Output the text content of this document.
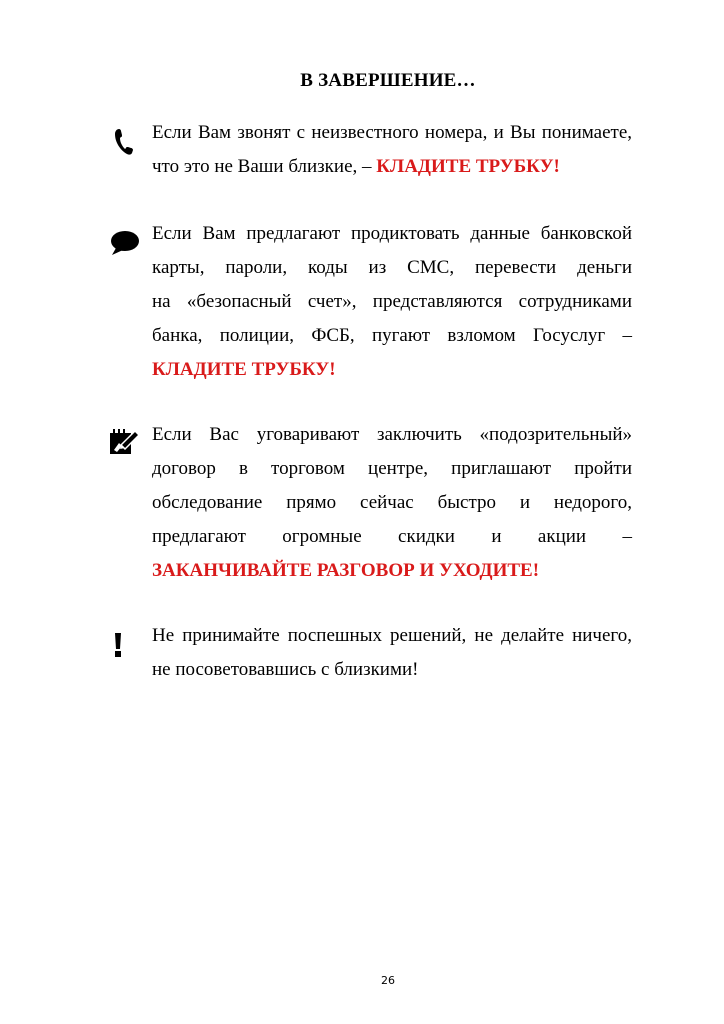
В ЗАВЕРШЕНИЕ…
Если Вам звонят с неизвестного номера, и Вы понимаете,
что это не Ваши близкие, – КЛАДИТЕ ТРУБКУ!
Если Вам предлагают продиктовать данные банковской
карты, пароли, коды из СМС, перевести деньги
на «безопасный счет», представляются сотрудниками
банка, полиции, ФСБ, пугают взломом Госуслуг –
КЛАДИТЕ ТРУБКУ!
Если Вас уговаривают заключить «подозрительный»
договор в торговом центре, приглашают пройти
обследование прямо сейчас быстро и недорого,
предлагают огромные скидки и акции –
ЗАКАНЧИВАЙТЕ РАЗГОВОР И УХОДИТЕ!
Не принимайте поспешных решений, не делайте ничего,
не посоветовавшись с близкими!
26
